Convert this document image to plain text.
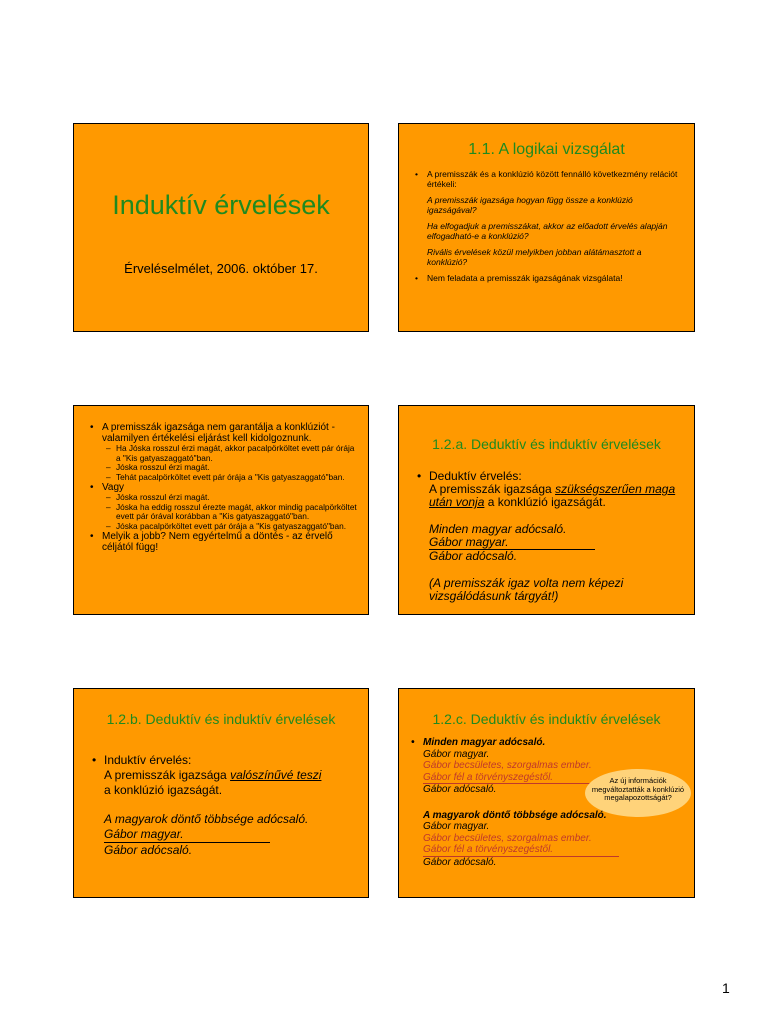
Induktív érvelések
Érveléselmélet, 2006. október 17.
1.1. A logikai vizsgálat
• A premisszák és a konklúzió között fennálló következmény relációt értékeli:

A premisszák igazsága hogyan függ össze a konklúzió igazságával?

Ha elfogadjuk a premisszákat, akkor az előadott érvelés alapján elfogadható-e a konklúzió?

Rivális érvelések közül melyikben jobban alátámasztott a konklúzió?

• Nem feladata a premisszák igazságának vizsgálata!
• A premisszák igazsága nem garantálja a konklúziót - valamilyen értékelési eljárást kell kidolgoznunk.
– Ha Jóska rosszul érzi magát, akkor pacalpörköltet evett pár órája a "Kis gatyaszaggató"ban.
– Jóska rosszul érzi magát.
– Tehát pacalpörköltet evett pár órája a "Kis gatyaszaggató"ban.
• Vagy
– Jóska rosszul érzi magát.
– Jóska ha eddig rosszul érezte magát, akkor mindig pacalpörköltet evett pár órával korábban a "Kis gatyaszaggató"ban.
– Jóska pacalpörköltet evett pár órája a "Kis gatyaszaggató"ban.
• Melyik a jobb? Nem egyértelmű a döntés - az érvelő céljától függ!
1.2.a. Deduktív és induktív érvelések
• Deduktív érvelés:

A premisszák igazsága szükségszerűen maga után vonja a konklúzió igazságát.

Minden magyar adócsaló.

Gábor magyar.

Gábor adócsaló.

(A premisszák igaz volta nem képezi vizsgálódásunk tárgyát!)

1.2.b. Deduktív és induktív érvelések
• Induktív érvelés:

A premisszák igazsága valószínűvé teszi

a konklúzió igazságát.

A magyarok döntő többsége adócsaló.

Gábor magyar.

Gábor adócsaló.

1.2.c. Deduktív és induktív érvelések
• Minden magyar adócsaló.

Gábor magyar.

Gábor becsületes, szorgalmas ember.

Gábor fél a törvényszegéstől.

Gábor adócsaló.

A magyarok döntő többsége adócsaló.

Gábor magyar.

Gábor becsületes, szorgalmas ember.

Gábor fél a törvényszegéstől.

Gábor adócsaló.

Az új információk megváltoztatták a konklúzió megalapozottságát?
1
